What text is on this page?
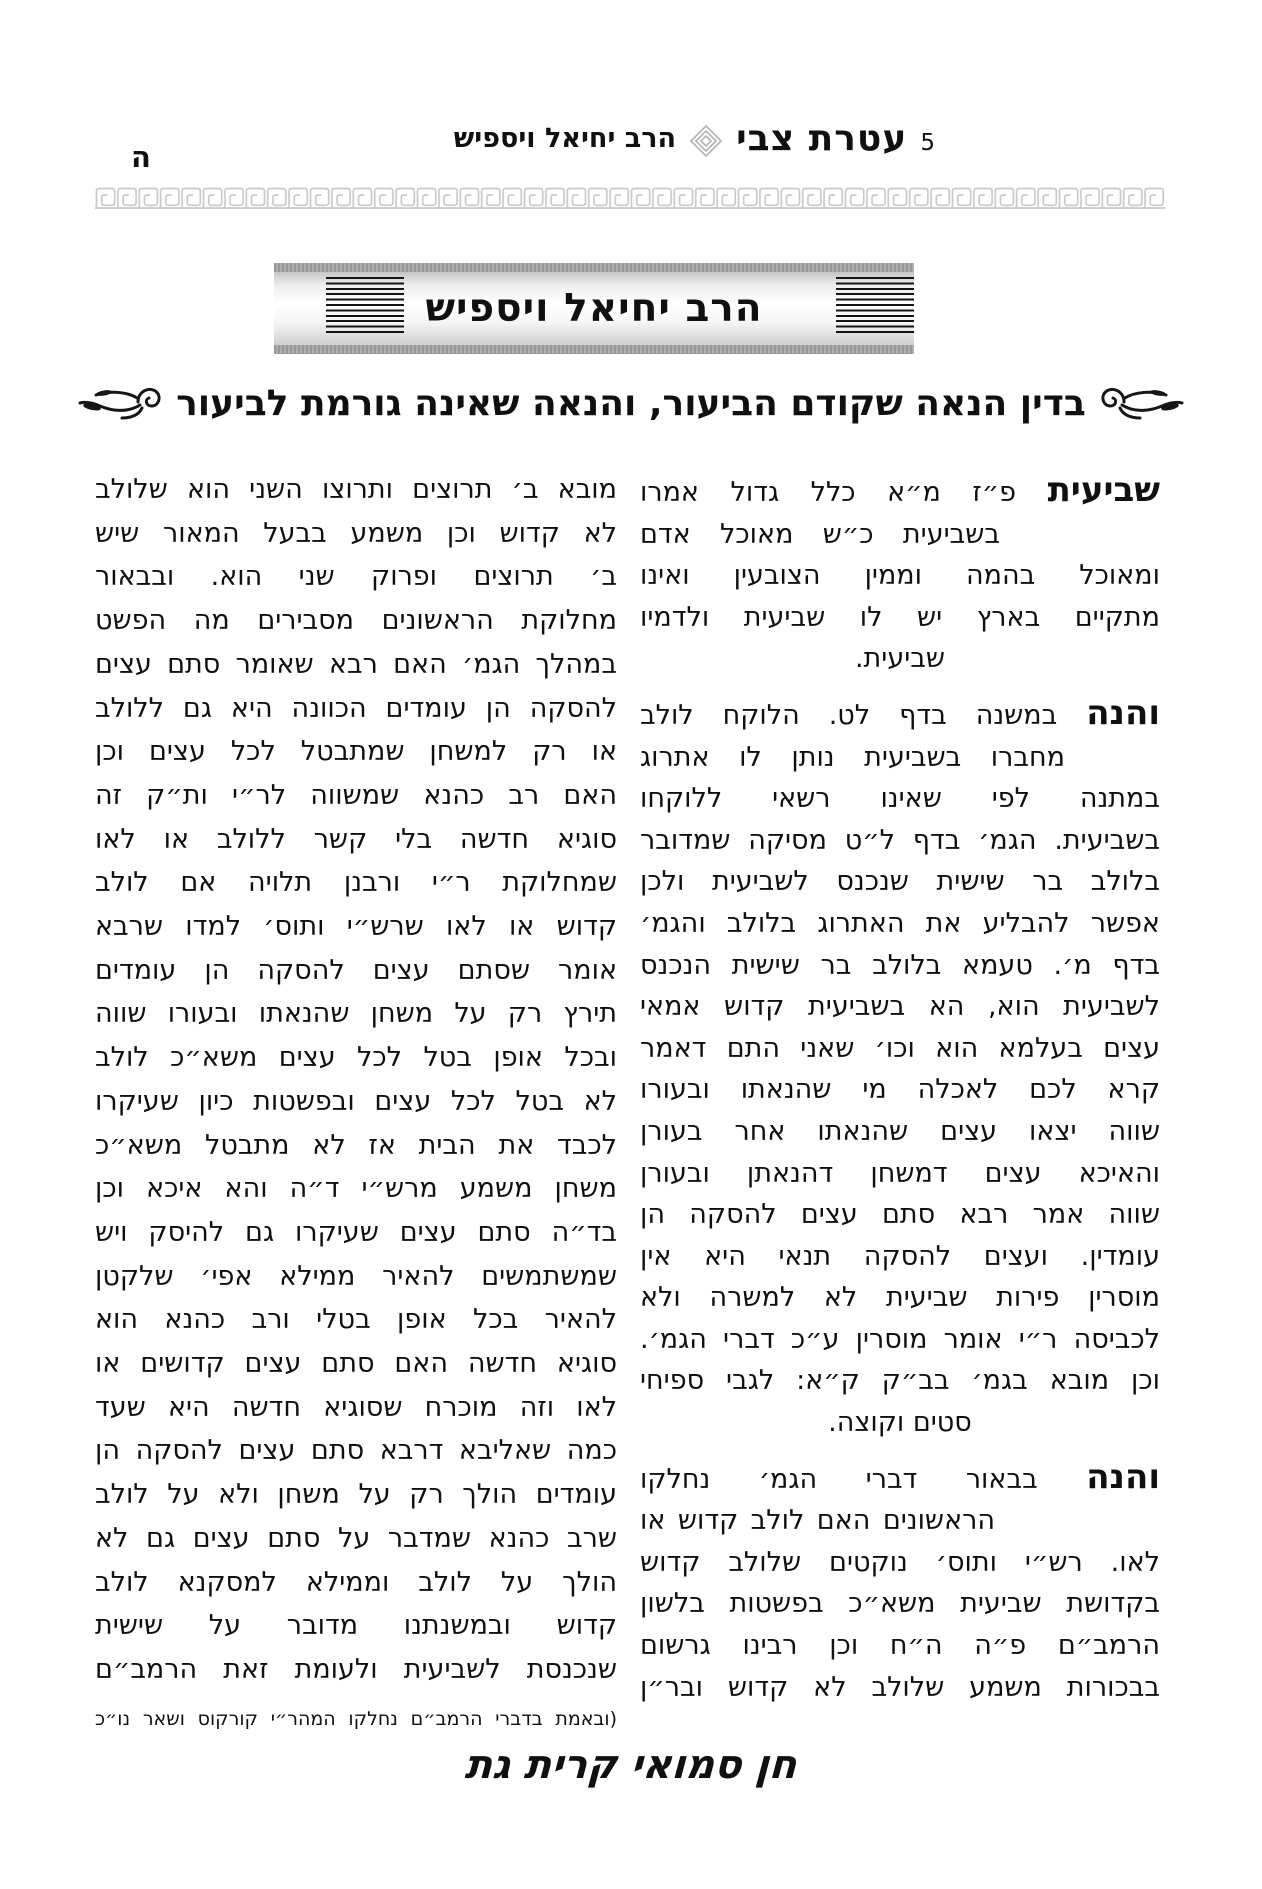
ה	5
עטרת צבי
הרב יחיאל ויספיש
הרב יחיאל ויספיש
בדין הנאה שקודם הביעור, והנאה שאינה גורמת לביעור
שביעית פ״ז מ״א כלל גדול אמרו
בשביעית כ״ש מאוכל אדם
ומאוכל בהמה וממין הצובעין ואינו
מתקיים בארץ יש לו שביעית ולדמיו
שביעית.
והנה במשנה בדף לט. הלוקח לולב
מחברו בשביעית נותן לו אתרוג
במתנה לפי שאינו רשאי ללוקחו
בשביעית. הגמ׳ בדף ל״ט מסיקה שמדובר
בלולב בר שישית שנכנס לשביעית ולכן
אפשר להבליע את האתרוג בלולב והגמ׳
בדף מ׳. טעמא בלולב בר שישית הנכנס
לשביעית הוא, הא בשביעית קדוש אמאי
עצים בעלמא הוא וכו׳ שאני התם דאמר
קרא לכם לאכלה מי שהנאתו ובעורו
שווה יצאו עצים שהנאתו אחר בעורן
והאיכא עצים דמשחן דהנאתן ובעורן
שווה אמר רבא סתם עצים להסקה הן
עומדין. ועצים להסקה תנאי היא אין
מוסרין פירות שביעית לא למשרה ולא
לכביסה ר״י אומר מוסרין ע״כ דברי הגמ׳.
וכן מובא בגמ׳ בב״ק ק״א: לגבי ספיחי
סטים וקוצה.
והנה בבאור דברי הגמ׳ נחלקו
הראשונים האם לולב קדוש או
לאו. רש״י ותוס׳ נוקטים שלולב קדוש
בקדושת שביעית משא״כ בפשטות בלשון
הרמב״ם פ״ה ה״ח וכן רבינו גרשום
בבכורות משמע שלולב לא קדוש ובר״ן
מובא ב׳ תרוצים ותרוצו השני הוא שלולב
לא קדוש וכן משמע בבעל המאור שיש
ב׳ תרוצים ופרוק שני הוא. ובבאור
מחלוקת הראשונים מסבירים מה הפשט
במהלך הגמ׳ האם רבא שאומר סתם עצים
להסקה הן עומדים הכוונה היא גם ללולב
או רק למשחן שמתבטל לכל עצים וכן
האם רב כהנא שמשווה לר״י ות״ק זה
סוגיא חדשה בלי קשר ללולב או לאו
שמחלוקת ר״י ורבנן תלויה אם לולב
קדוש או לאו שרש״י ותוס׳ למדו שרבא
אומר שסתם עצים להסקה הן עומדים
תירץ רק על משחן שהנאתו ובעורו שווה
ובכל אופן בטל לכל עצים משא״כ לולב
לא בטל לכל עצים ובפשטות כיון שעיקרו
לכבד את הבית אז לא מתבטל משא״כ
משחן משמע מרש״י ד״ה והא איכא וכן
בד״ה סתם עצים שעיקרו גם להיסק ויש
שמשתמשים להאיר ממילא אפי׳ שלקטן
להאיר בכל אופן בטלי ורב כהנא הוא
סוגיא חדשה האם סתם עצים קדושים או
לאו וזה מוכרח שסוגיא חדשה היא שעד
כמה שאליבא דרבא סתם עצים להסקה הן
עומדים הולך רק על משחן ולא על לולב
שרב כהנא שמדבר על סתם עצים גם לא
הולך על לולב וממילא למסקנא לולב
קדוש ובמשנתנו מדובר על שישית
שנכנסת לשביעית ולעומת זאת הרמב״ם
(ובאמת בדברי הרמב״ם נחלקו המהר״י קורקוס ושאר נו״כ
חן סמואי קרית גת
